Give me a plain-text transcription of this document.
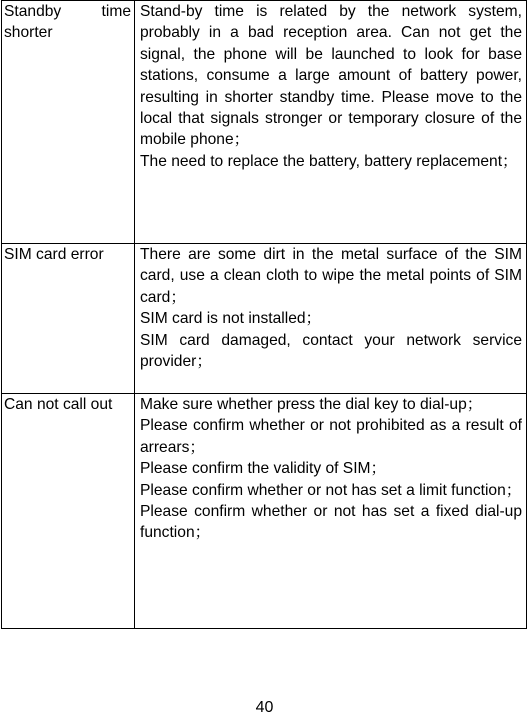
Standby time shorter	Stand-by time is related by the network system, probably in a bad reception area. Can not get the signal, the phone will be launched to look for base stations, consume a large amount of battery power, resulting in shorter standby time. Please move to the local that signals stronger or temporary closure of the mobile phone；

The need to replace the battery, battery replacement；

SIM card error	There are some dirt in the metal surface of the SIM card, use a clean cloth to wipe the metal points of SIM card；

SIM card is not installed；

SIM card damaged, contact your network service provider；

Can not call out	Make sure whether press the dial key to dial-up；

Please confirm whether or not prohibited as a result of arrears；

Please confirm the validity of SIM；

Please confirm whether or not has set a limit function；

Please confirm whether or not has set a fixed dial-up function；

40
